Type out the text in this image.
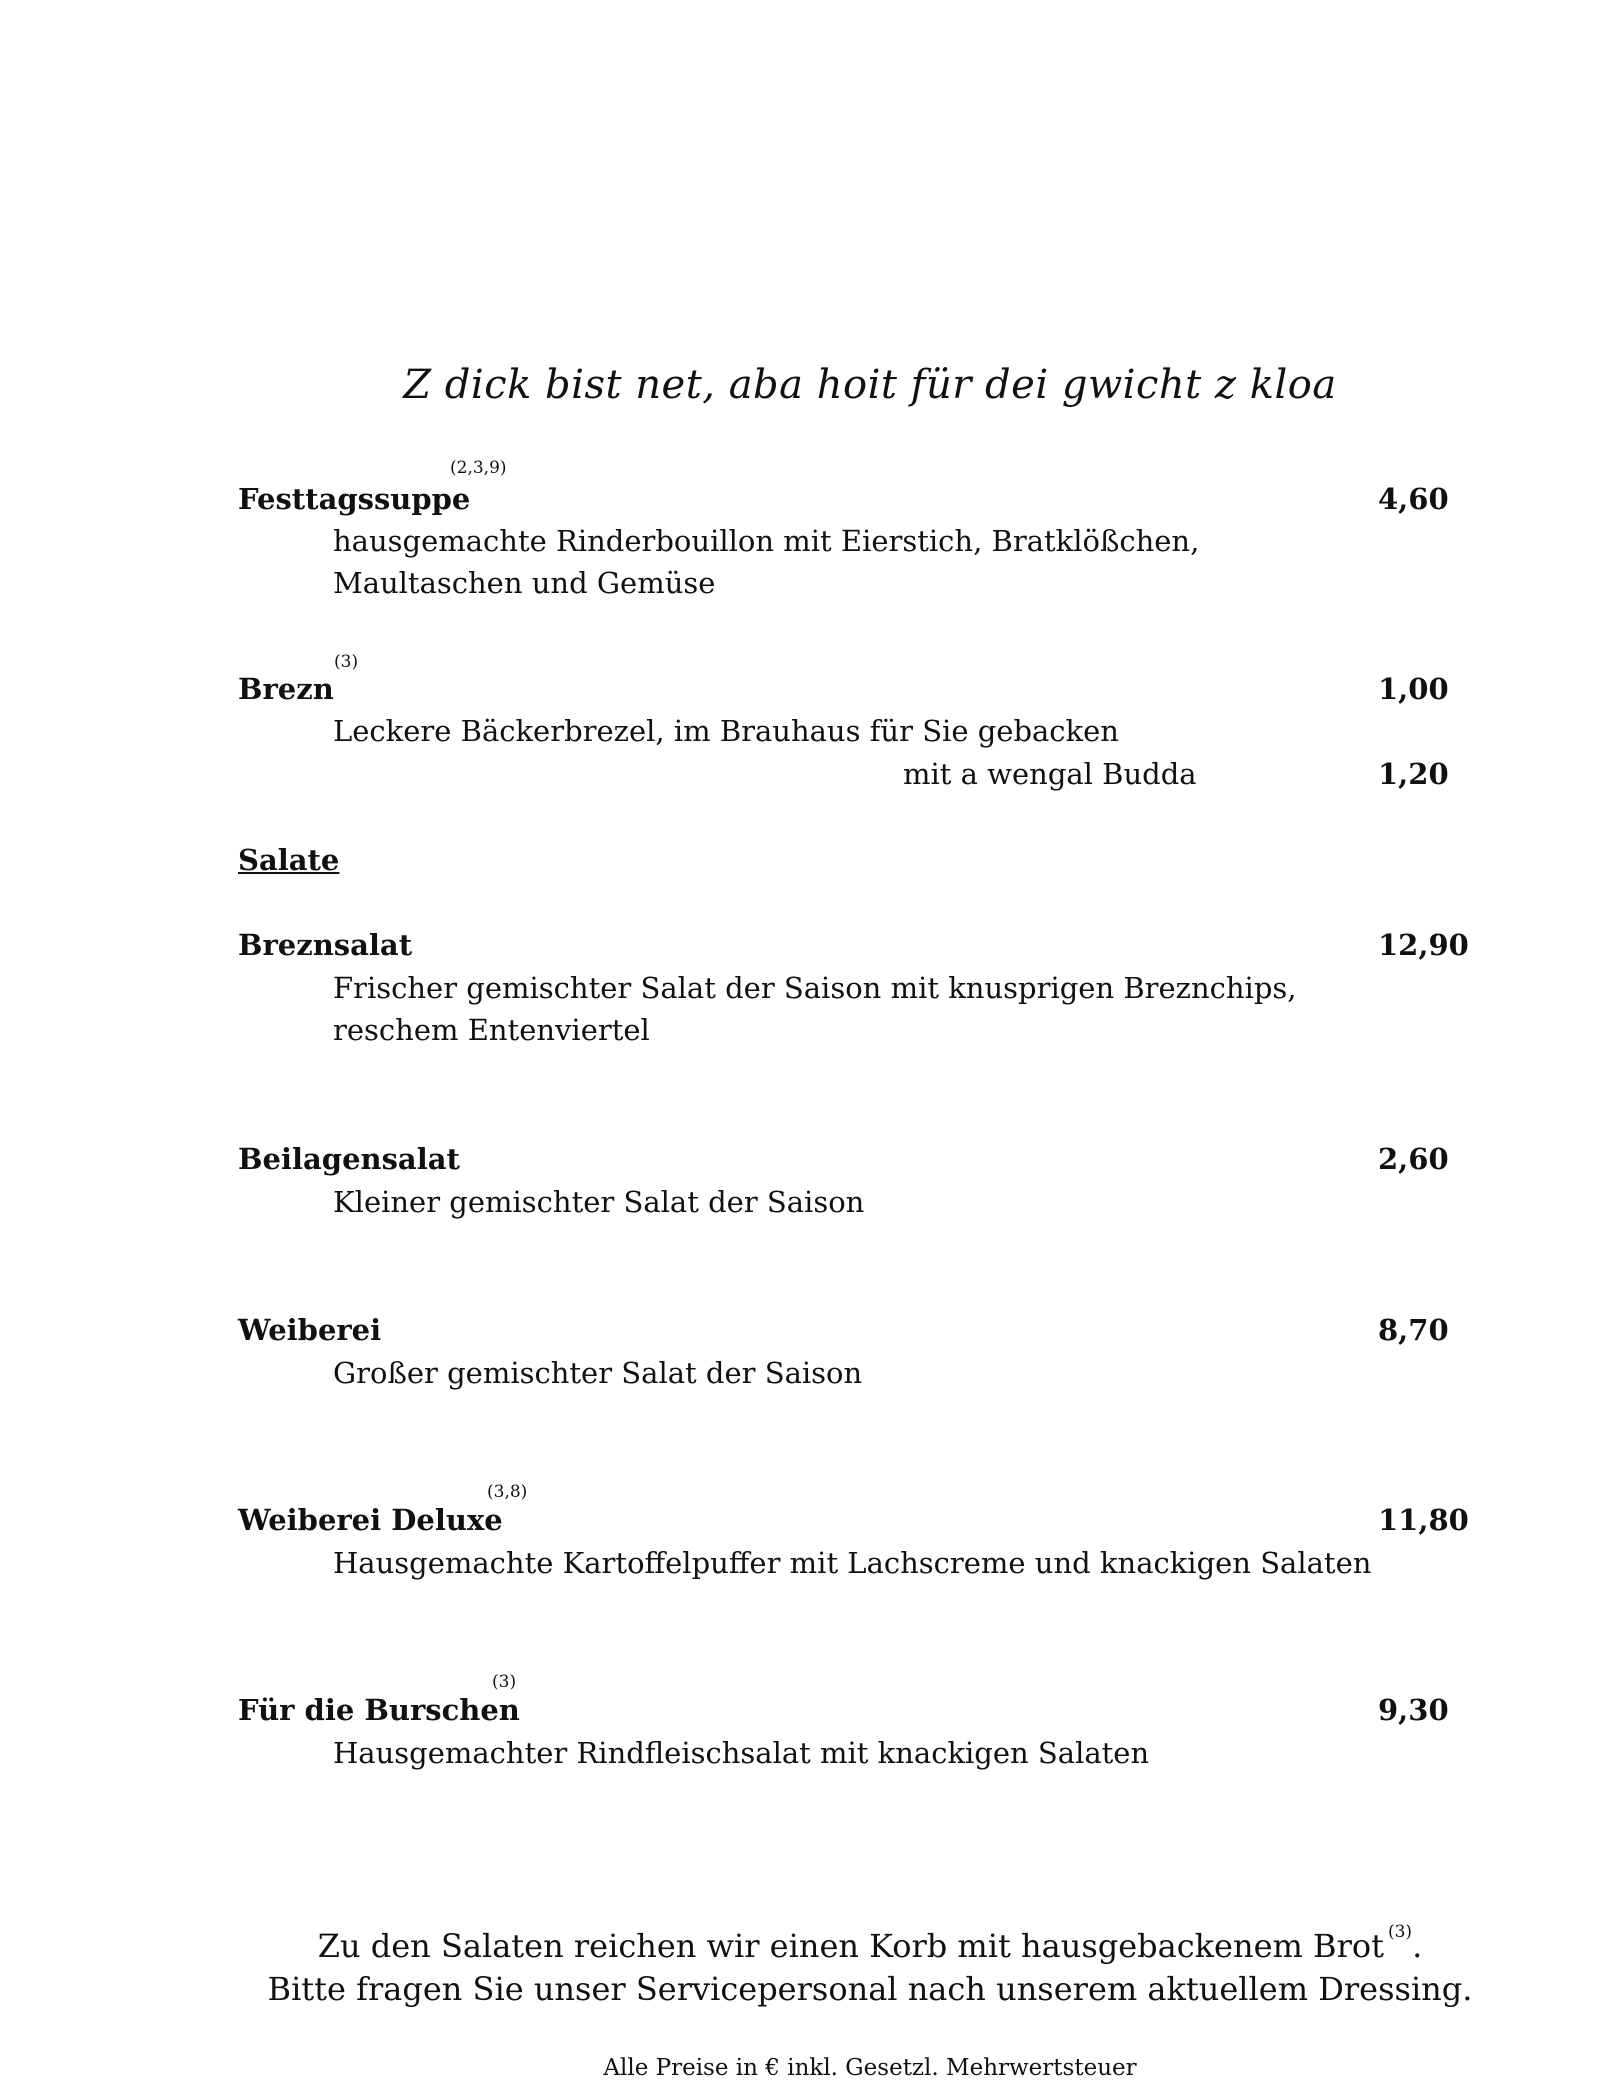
Z dick bist net, aba hoit für dei gwicht z kloa
(2,3,9)
Festtagssuppe	4,60
hausgemachte Rinderbouillon mit Eierstich, Bratklößchen,
Maultaschen und Gemüse
(3)
Brezn	1,00
Leckere Bäckerbrezel, im Brauhaus für Sie gebacken
mit a wengal Budda	1,20
Salate
Breznsalat	12,90
Frischer gemischter Salat der Saison mit knusprigen Breznchips,
reschem Entenviertel
Beilagensalat	2,60
Kleiner gemischter Salat der Saison
Weiberei	8,70
Großer gemischter Salat der Saison
(3,8)
Weiberei Deluxe	11,80
Hausgemachte Kartoffelpuffer mit Lachscreme und knackigen Salaten
(3)
Für die Burschen	9,30
Hausgemachter Rindfleischsalat mit knackigen Salaten
Zu den Salaten reichen wir einen Korb mit hausgebackenem Brot $^{(3)}$.
Bitte fragen Sie unser Servicepersonal nach unserem aktuellem Dressing.
Alle Preise in € inkl. Gesetzl. Mehrwertsteuer
